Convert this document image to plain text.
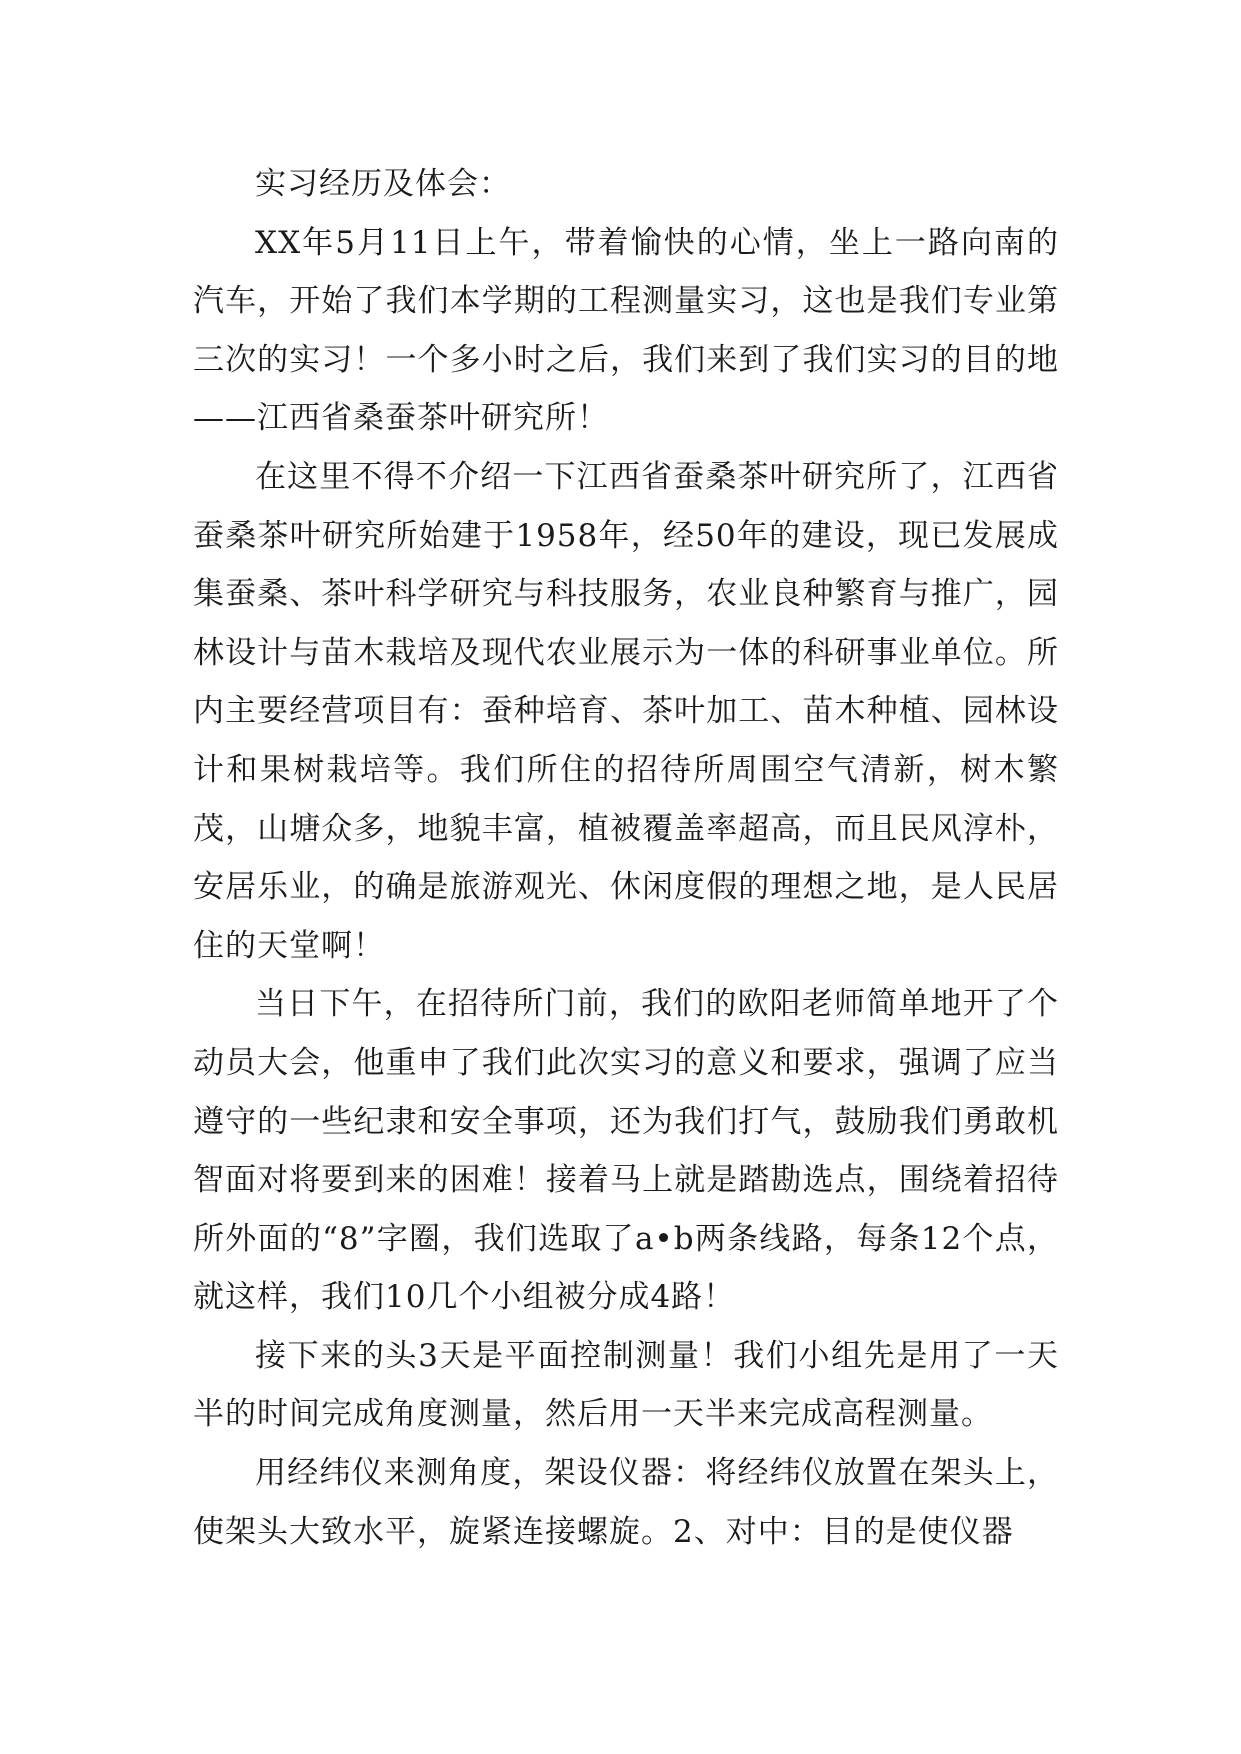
实习经历及体会：

XX年5月11日上午，带着愉快的心情，坐上一路向南的汽车，开始了我们本学期的工程测量实习，这也是我们专业第三次的实习！一个多小时之后，我们来到了我们实习的目的地——江西省桑蚕茶叶研究所！

在这里不得不介绍一下江西省蚕桑茶叶研究所了，江西省蚕桑茶叶研究所始建于1958年，经50年的建设，现已发展成集蚕桑、茶叶科学研究与科技服务，农业良种繁育与推广，园林设计与苗木栽培及现代农业展示为一体的科研事业单位。所内主要经营项目有：蚕种培育、茶叶加工、苗木种植、园林设计和果树栽培等。我们所住的招待所周围空气清新，树木繁茂，山塘众多，地貌丰富，植被覆盖率超高，而且民风淳朴，安居乐业，的确是旅游观光、休闲度假的理想之地，是人民居住的天堂啊！

当日下午，在招待所门前，我们的欧阳老师简单地开了个动员大会，他重申了我们此次实习的意义和要求，强调了应当遵守的一些纪隶和安全事项，还为我们打气，鼓励我们勇敢机智面对将要到来的困难！接着马上就是踏勘选点，围绕着招待所外面的“8”字圈，我们选取了a•b两条线路，每条12个点，就这样，我们10几个小组被分成4路！

接下来的头3天是平面控制测量！我们小组先是用了一天半的时间完成角度测量，然后用一天半来完成高程测量。

用经纬仪来测角度，架设仪器：将经纬仪放置在架头上，使架头大致水平，旋紧连接螺旋。2、对中：目的是使仪器
